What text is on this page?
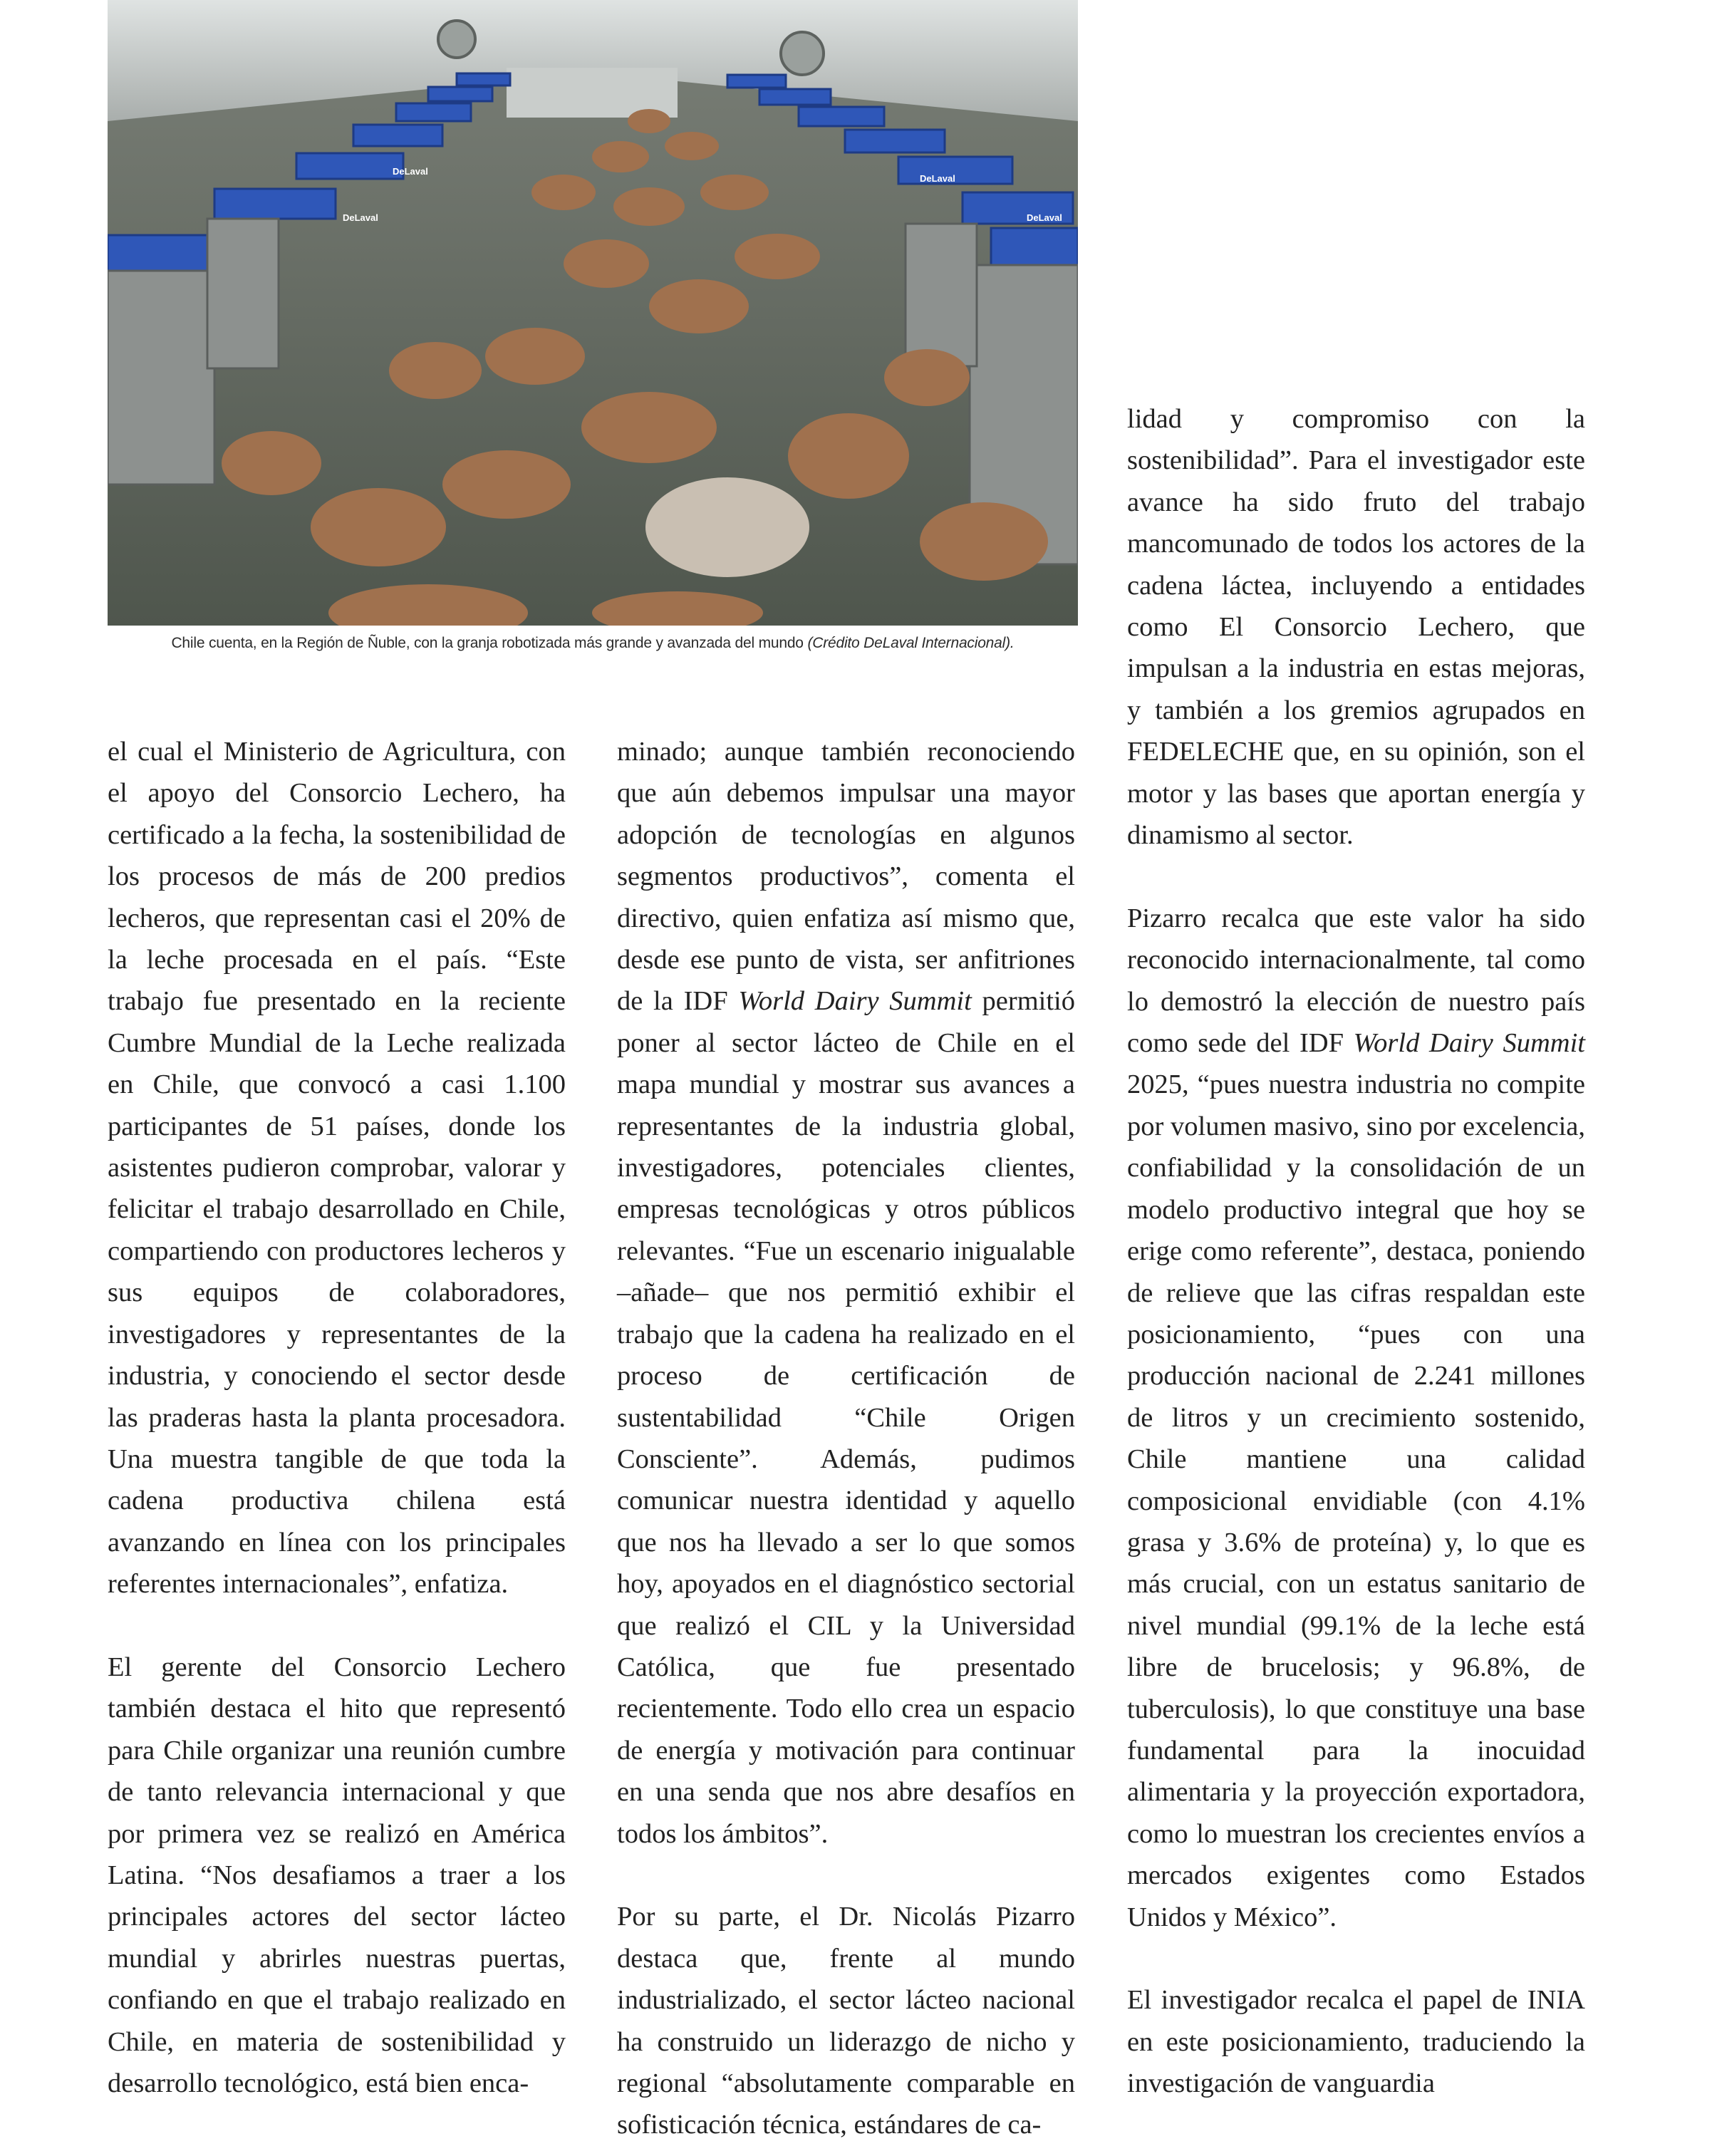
DeLaval	DeLaval
DeLaval
DeLaval
Chile cuenta, en la Región de Ñuble, con la granja robotizada más grande y avanzada del mundo (Crédito DeLaval Internacional).

el cual el Ministerio de Agricultura, con el apoyo del Consorcio Lechero, ha certificado a la fecha, la sostenibilidad de los procesos de más de 200 predios lecheros, que representan casi el 20% de la leche procesada en el país. “Este trabajo fue presentado en la reciente Cumbre Mundial de la Leche realizada en Chile, que convocó a casi 1.100 participantes de 51 países, donde los asistentes pudieron comprobar, valorar y felicitar el trabajo desarrollado en Chile, compartiendo con productores lecheros y sus equipos de colaboradores, investigadores y representantes de la industria, y conociendo el sector desde las praderas hasta la planta procesadora. Una muestra tangible de que toda la cadena productiva chilena está avanzando en línea con los principales referentes internacionales”, enfatiza.

El gerente del Consorcio Lechero también destaca el hito que representó para Chile organizar una reunión cumbre de tanto relevancia internacional y que por primera vez se realizó en América Latina. “Nos desafiamos a traer a los principales actores del sector lácteo mundial y abrirles nuestras puertas, confiando en que el trabajo realizado en Chile, en materia de sostenibilidad y desarrollo tecnológico, está bien enca-

minado; aunque también reconociendo que aún debemos impulsar una mayor adopción de tecnologías en algunos segmentos productivos”, comenta el directivo, quien enfatiza así mismo que, desde ese punto de vista, ser anfitriones de la IDF World Dairy Summit permitió poner al sector lácteo de Chile en el mapa mundial y mostrar sus avances a representantes de la industria global, investigadores, potenciales clientes, empresas tecnológicas y otros públicos relevantes. “Fue un escenario inigualable –añade– que nos permitió exhibir el trabajo que la cadena ha realizado en el proceso de certificación de sustentabilidad “Chile Origen Consciente”. Además, pudimos comunicar nuestra identidad y aquello que nos ha llevado a ser lo que somos hoy, apoyados en el diagnóstico sectorial que realizó el CIL y la Universidad Católica, que fue presentado recientemente. Todo ello crea un espacio de energía y motivación para continuar en una senda que nos abre desafíos en todos los ámbitos”.

Por su parte, el Dr. Nicolás Pizarro destaca que, frente al mundo industrializado, el sector lácteo nacional ha construido un liderazgo de nicho y regional “absolutamente comparable en sofisticación técnica, estándares de ca-

lidad y compromiso con la sostenibilidad”. Para el investigador este avance ha sido fruto del trabajo mancomunado de todos los actores de la cadena láctea, incluyendo a entidades como El Consorcio Lechero, que impulsan a la industria en estas mejoras, y también a los gremios agrupados en FEDELECHE que, en su opinión, son el motor y las bases que aportan energía y dinamismo al sector.

Pizarro recalca que este valor ha sido reconocido internacionalmente, tal como lo demostró la elección de nuestro país como sede del IDF World Dairy Summit 2025, “pues nuestra industria no compite por volumen masivo, sino por excelencia, confiabilidad y la consolidación de un modelo productivo integral que hoy se erige como referente”, destaca, poniendo de relieve que las cifras respaldan este posicionamiento, “pues con una producción nacional de 2.241 millones de litros y un crecimiento sostenido, Chile mantiene una calidad composicional envidiable (con 4.1% grasa y 3.6% de proteína) y, lo que es más crucial, con un estatus sanitario de nivel mundial (99.1% de la leche está libre de brucelosis; y 96.8%, de tuberculosis), lo que constituye una base fundamental para la inocuidad alimentaria y la proyección exportadora, como lo muestran los crecientes envíos a mercados exigentes como Estados Unidos y México”.

El investigador recalca el papel de INIA en este posicionamiento, traduciendo la investigación de vanguardia
